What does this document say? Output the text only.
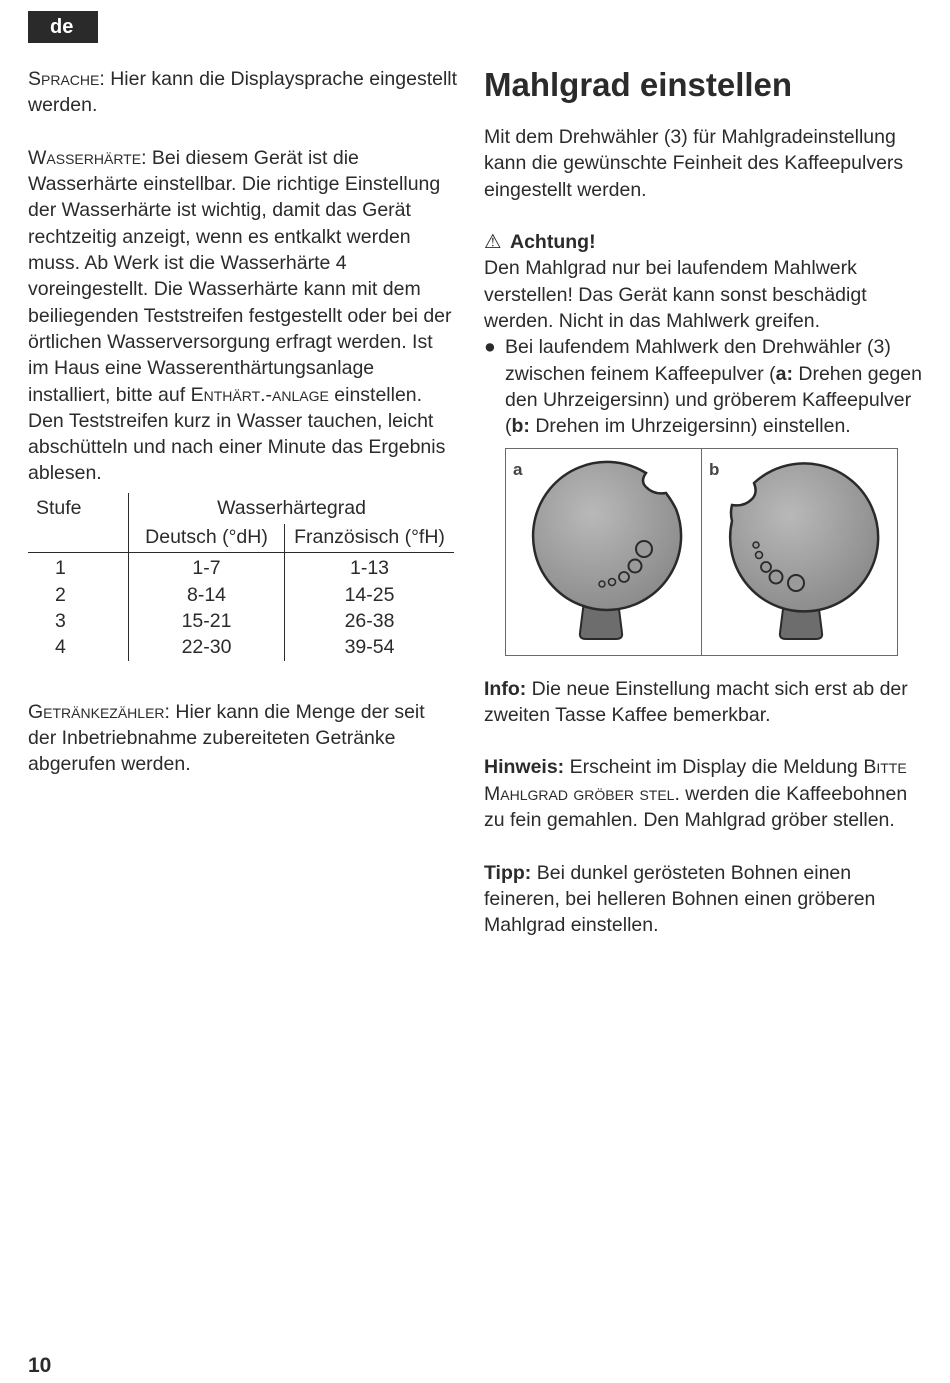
de

Sprache: Hier kann die Displaysprache eingestellt werden.

Wasserhärte: Bei diesem Gerät ist die Wasserhärte einstellbar. Die richtige Einstellung der Wasserhärte ist wichtig, damit das Gerät rechtzeitig anzeigt, wenn es entkalkt werden muss. Ab Werk ist die Wasserhärte 4 voreingestellt. Die Wasserhärte kann mit dem beiliegenden Teststreifen festgestellt oder bei der örtlichen Wasserversorgung erfragt werden. Ist im Haus eine Wasserenthärtungsanlage installiert, bitte auf Enthärt.-anlage einstellen.

Den Teststreifen kurz in Wasser tauchen, leicht abschütteln und nach einer Minute das Ergebnis ablesen.

Stufe	Wasserhärtegrad	
	Deutsch (°dH)	Französisch (°fH)
1	1-7	1-13
2	8-14	14-25
3	15-21	26-38
4	22-30	39-54

Getränkezähler: Hier kann die Menge der seit der Inbetriebnahme zubereiteten Getränke abgerufen werden.

Mahlgrad einstellen

Mit dem Drehwähler (3) für Mahlgradeinstellung kann die gewünschte Feinheit des Kaffeepulvers eingestellt werden.

⚠ Achtung!

Den Mahlgrad nur bei laufendem Mahlwerk verstellen! Das Gerät kann sonst beschädigt werden. Nicht in das Mahlwerk greifen.

● Bei laufendem Mahlwerk den Drehwähler (3) zwischen feinem Kaffeepulver (a: Drehen gegen den Uhrzeigersinn) und gröberem Kaffeepulver (b: Drehen im Uhrzeigersinn) einstellen.
a	b

Info: Die neue Einstellung macht sich erst ab der zweiten Tasse Kaffee bemerkbar.

Hinweis: Erscheint im Display die Meldung Bitte Mahlgrad gröber stel. werden die Kaffeebohnen zu fein gemahlen. Den Mahlgrad gröber stellen.

Tipp: Bei dunkel gerösteten Bohnen einen feineren, bei helleren Bohnen einen gröberen Mahlgrad einstellen.

10
